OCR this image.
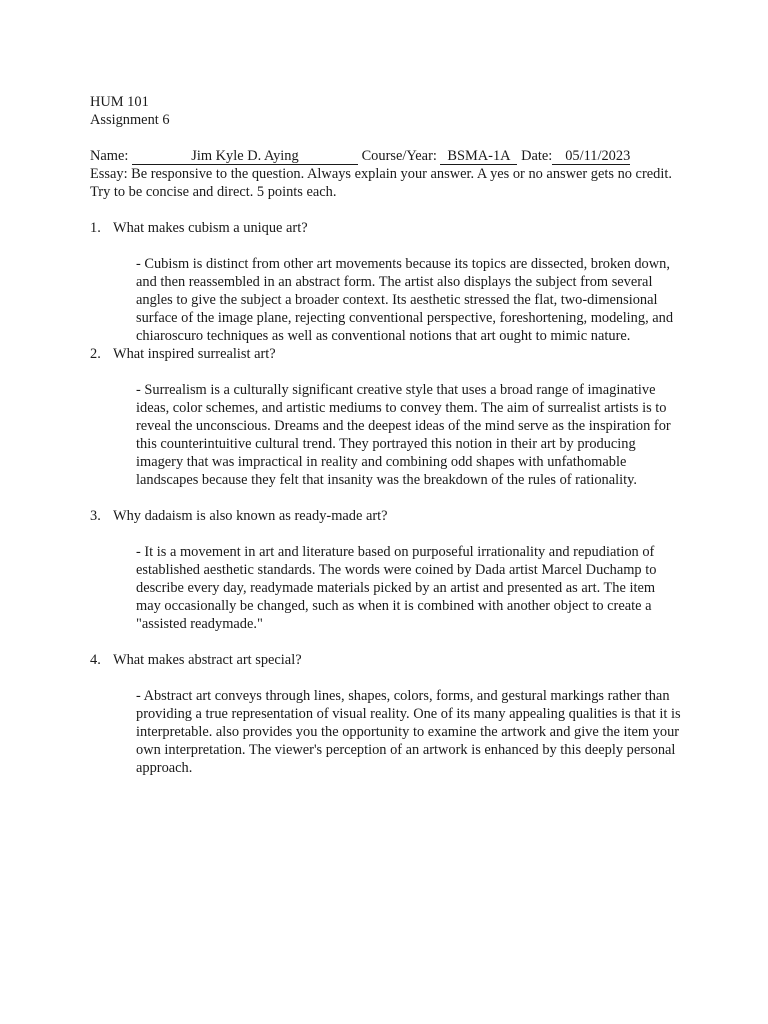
HUM 101
Assignment 6
Name:	Jim Kyle D. Aying	Course/Year: BSMA-1A Date: 05/11/2023
Essay: Be responsive to the question. Always explain your answer. A yes or no answer gets no credit. Try to be concise and direct. 5 points each.
1. What makes cubism a unique art?
- Cubism is distinct from other art movements because its topics are dissected, broken down, and then reassembled in an abstract form. The artist also displays the subject from several angles to give the subject a broader context. Its aesthetic stressed the flat, two-dimensional surface of the image plane, rejecting conventional perspective, foreshortening, modeling, and chiaroscuro techniques as well as conventional notions that art ought to mimic nature.
2. What inspired surrealist art?
- Surrealism is a culturally significant creative style that uses a broad range of imaginative ideas, color schemes, and artistic mediums to convey them. The aim of surrealist artists is to reveal the unconscious. Dreams and the deepest ideas of the mind serve as the inspiration for this counterintuitive cultural trend. They portrayed this notion in their art by producing imagery that was impractical in reality and combining odd shapes with unfathomable landscapes because they felt that insanity was the breakdown of the rules of rationality.
3. Why dadaism is also known as ready-made art?
- It is a movement in art and literature based on purposeful irrationality and repudiation of established aesthetic standards. The words were coined by Dada artist Marcel Duchamp to describe every day, readymade materials picked by an artist and presented as art. The item may occasionally be changed, such as when it is combined with another object to create a "assisted readymade."
4. What makes abstract art special?
- Abstract art conveys through lines, shapes, colors, forms, and gestural markings rather than providing a true representation of visual reality. One of its many appealing qualities is that it is interpretable. also provides you the opportunity to examine the artwork and give the item your own interpretation. The viewer's perception of an artwork is enhanced by this deeply personal approach.
